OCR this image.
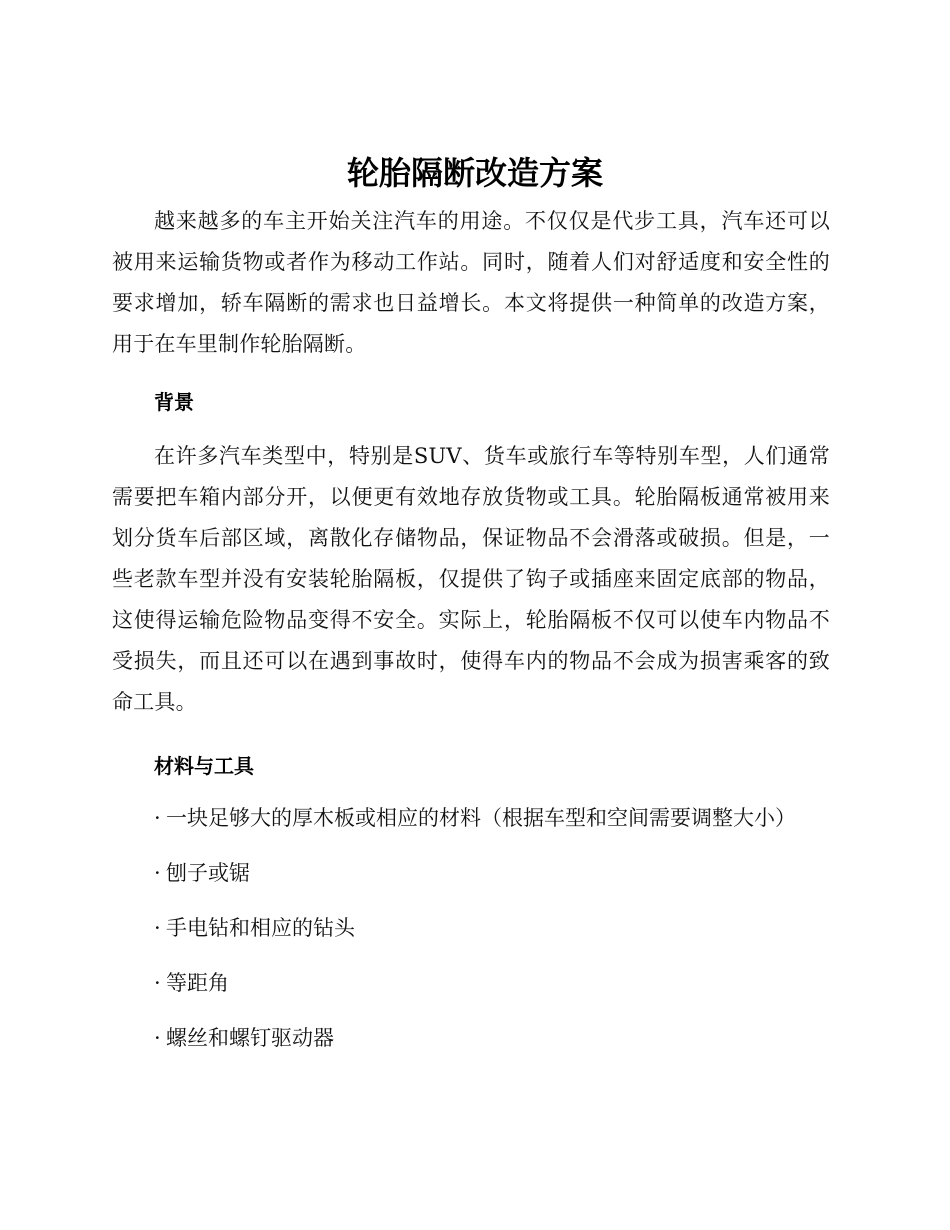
轮胎隔断改造方案

越来越多的车主开始关注汽车的用途。不仅仅是代步工具，汽车还可以被用来运输货物或者作为移动工作站。同时，随着人们对舒适度和安全性的要求增加，轿车隔断的需求也日益增长。本文将提供一种简单的改造方案，用于在车里制作轮胎隔断。

背景

在许多汽车类型中，特别是SUV、货车或旅行车等特别车型，人们通常需要把车箱内部分开，以便更有效地存放货物或工具。轮胎隔板通常被用来划分货车后部区域，离散化存储物品，保证物品不会滑落或破损。但是，一些老款车型并没有安装轮胎隔板，仅提供了钩子或插座来固定底部的物品，这使得运输危险物品变得不安全。实际上，轮胎隔板不仅可以使车内物品不受损失，而且还可以在遇到事故时，使得车内的物品不会成为损害乘客的致命工具。

材料与工具
· 一块足够大的厚木板或相应的材料（根据车型和空间需要调整大小）
· 刨子或锯
· 手电钻和相应的钻头
· 等距角
· 螺丝和螺钉驱动器
